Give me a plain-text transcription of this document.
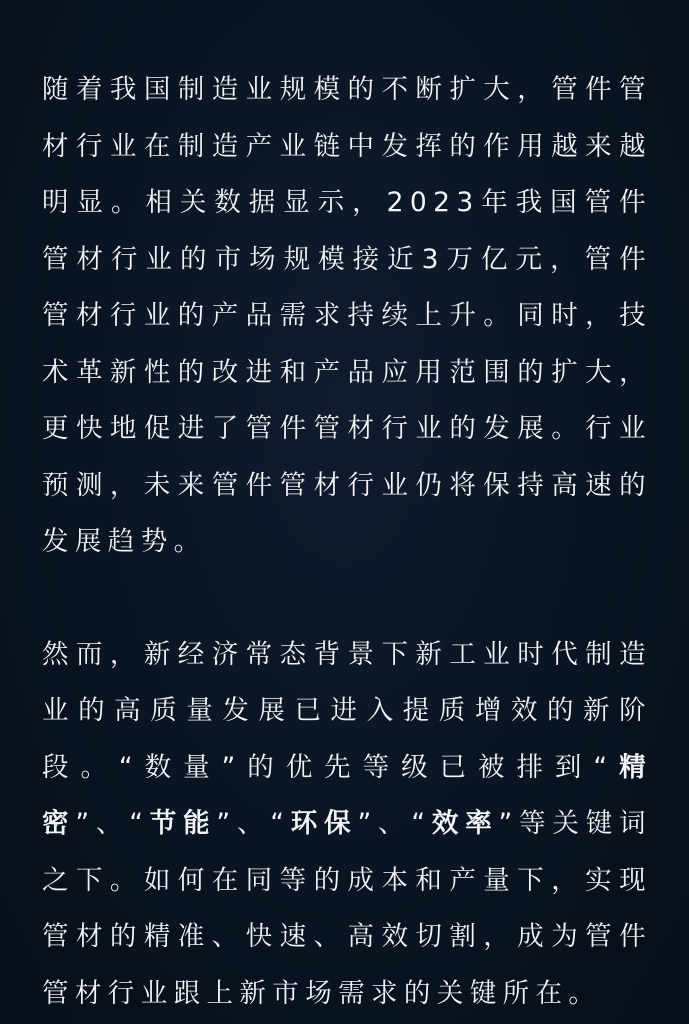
随着我国制造业规模的不断扩大，管件管材行业在制造产业链中发挥的作用越来越明显。相关数据显示，2023年我国管件管材行业的市场规模接近3万亿元，管件管材行业的产品需求持续上升。同时，技术革新性的改进和产品应用范围的扩大，更快地促进了管件管材行业的发展。行业预测，未来管件管材行业仍将保持高速的发展趋势。

然而，新经济常态背景下新工业时代制造业的高质量发展已进入提质增效的新阶段。“数量”的优先等级已被排到“精密”、“节能”、“环保”、“效率”等关键词之下。如何在同等的成本和产量下，实现管材的精准、快速、高效切割，成为管件管材行业跟上新市场需求的关键所在。
